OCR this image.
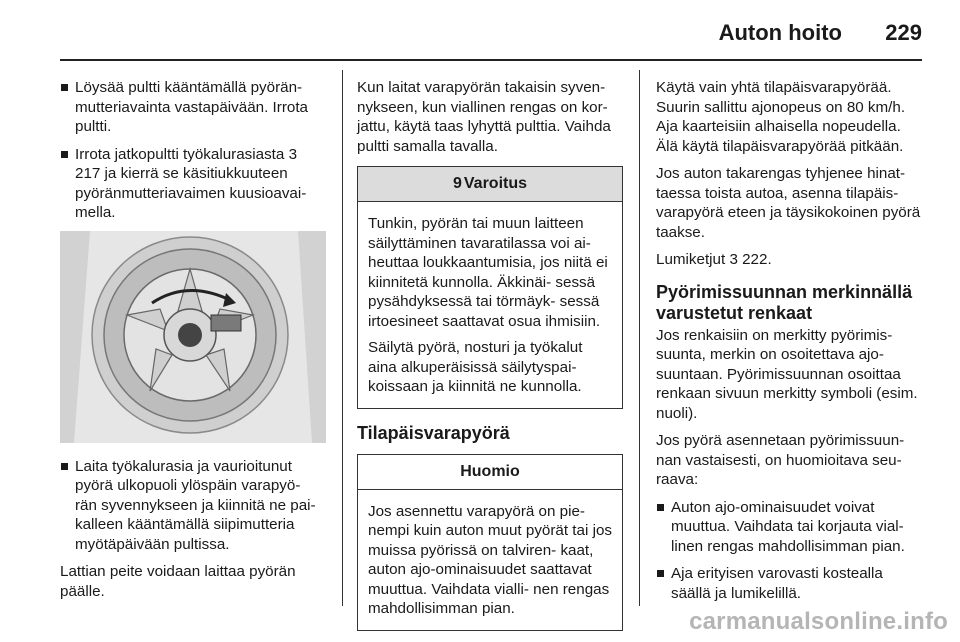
Auton hoito 229
Löysää pultti kääntämällä pyörän- mutteriavainta vastapäivään. Irrota pultti.
Irrota jatkopultti työkalurasiasta 3 217 ja kierrä se käsitiukkuuteen pyöränmutteriavaimen kuusioavai- mella.
Laita työkalurasia ja vaurioitunut pyörä ulkopuoli ylöspäin varapyö- rän syvennykseen ja kiinnitä ne pai- kalleen kääntämällä siipimutteria myötäpäivään pultissa.

Lattian peite voidaan laittaa pyörän päälle.

Kun laitat varapyörän takaisin syven- nykseen, kun viallinen rengas on kor- jattu, käytä taas lyhyttä pulttia. Vaihda pultti samalla tavalla.

9 Varoitus

Tunkin, pyörän tai muun laitteen säilyttäminen tavaratilassa voi ai- heuttaa loukkaantumisia, jos niitä ei kiinnitetä kunnolla. Äkkinäi- sessä pysähdyksessä tai törmäyk- sessä irtoesineet saattavat osua ihmisiin.

Säilytä pyörä, nosturi ja työkalut aina alkuperäisissä säilytyspai- koissaan ja kiinnitä ne kunnolla.

Tilapäisvarapyörä
Huomio

Jos asennettu varapyörä on pie- nempi kuin auton muut pyörät tai jos muissa pyörissä on talviren- kaat, auton ajo-ominaisuudet saattavat muuttua. Vaihdata vialli- nen rengas mahdollisimman pian.

Käytä vain yhtä tilapäisvarapyörää. Suurin sallittu ajonopeus on 80 km/h. Aja kaarteisiin alhaisella nopeudella. Älä käytä tilapäisvarapyörää pitkään.

Jos auton takarengas tyhjenee hinat- taessa toista autoa, asenna tilapäis- varapyörä eteen ja täysikokoinen pyörä taakse.

Lumiketjut 3 222.

Pyörimissuunnan merkinnällä varustetut renkaat

Jos renkaisiin on merkitty pyörimis- suunta, merkin on osoitettava ajo- suuntaan. Pyörimissuunnan osoittaa renkaan sivuun merkitty symboli (esim. nuoli).

Jos pyörä asennetaan pyörimissuun- nan vastaisesti, on huomioitava seu- raava:

Auton ajo-ominaisuudet voivat muuttua. Vaihdata tai korjauta vial- linen rengas mahdollisimman pian.
Aja erityisen varovasti kostealla säällä ja lumikelillä.
carmanualsonline.info
